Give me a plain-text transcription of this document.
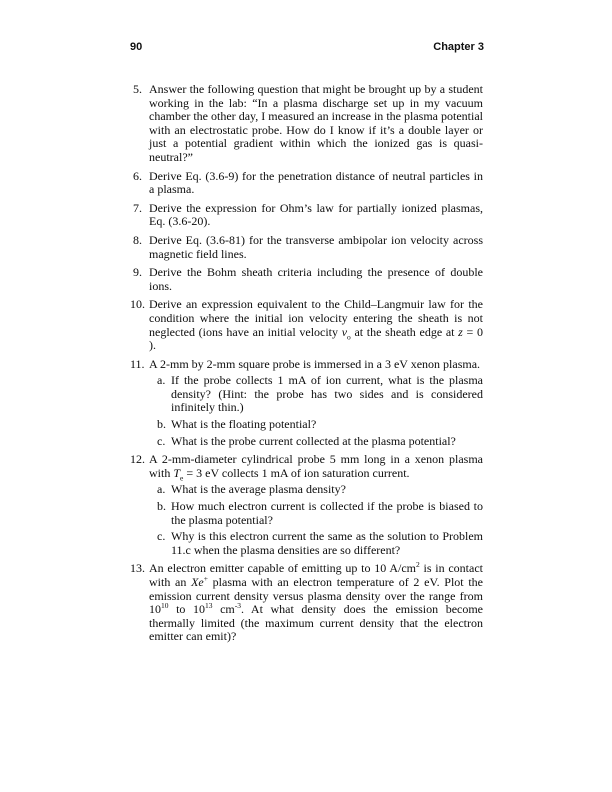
90	Chapter 3
5. Answer the following question that might be brought up by a student working in the lab: “In a plasma discharge set up in my vacuum chamber the other day, I measured an increase in the plasma potential with an electrostatic probe. How do I know if it’s a double layer or just a potential gradient within which the ionized gas is quasi-neutral?”
6. Derive Eq. (3.6-9) for the penetration distance of neutral particles in a plasma.
7. Derive the expression for Ohm’s law for partially ionized plasmas, Eq. (3.6-20).
8. Derive Eq. (3.6-81) for the transverse ambipolar ion velocity across magnetic field lines.
9. Derive the Bohm sheath criteria including the presence of double ions.
10. Derive an expression equivalent to the Child–Langmuir law for the condition where the initial ion velocity entering the sheath is not neglected (ions have an initial velocity $v_o$ at the sheath edge at z = 0 ).
11. A 2-mm by 2-mm square probe is immersed in a 3 eV xenon plasma.
a. If the probe collects 1 mA of ion current, what is the plasma density? (Hint: the probe has two sides and is considered infinitely thin.)
b. What is the floating potential?
c. What is the probe current collected at the plasma potential?
12. A 2-mm-diameter cylindrical probe 5 mm long in a xenon plasma with $T_e = 3$ eV collects 1 mA of ion saturation current.
a. What is the average plasma density?
b. How much electron current is collected if the probe is biased to the plasma potential?
c. Why is this electron current the same as the solution to Problem 11.c when the plasma densities are so different?
13. An electron emitter capable of emitting up to 10 $A/cm^2$ is in contact with an Xe+ plasma with an electron temperature of 2 eV. Plot the emission current density versus plasma density over the range from $10^{10}$ to $10^{13}$ $cm^{-3}$. At what density does the emission become thermally limited (the maximum current density that the electron emitter can emit)?
